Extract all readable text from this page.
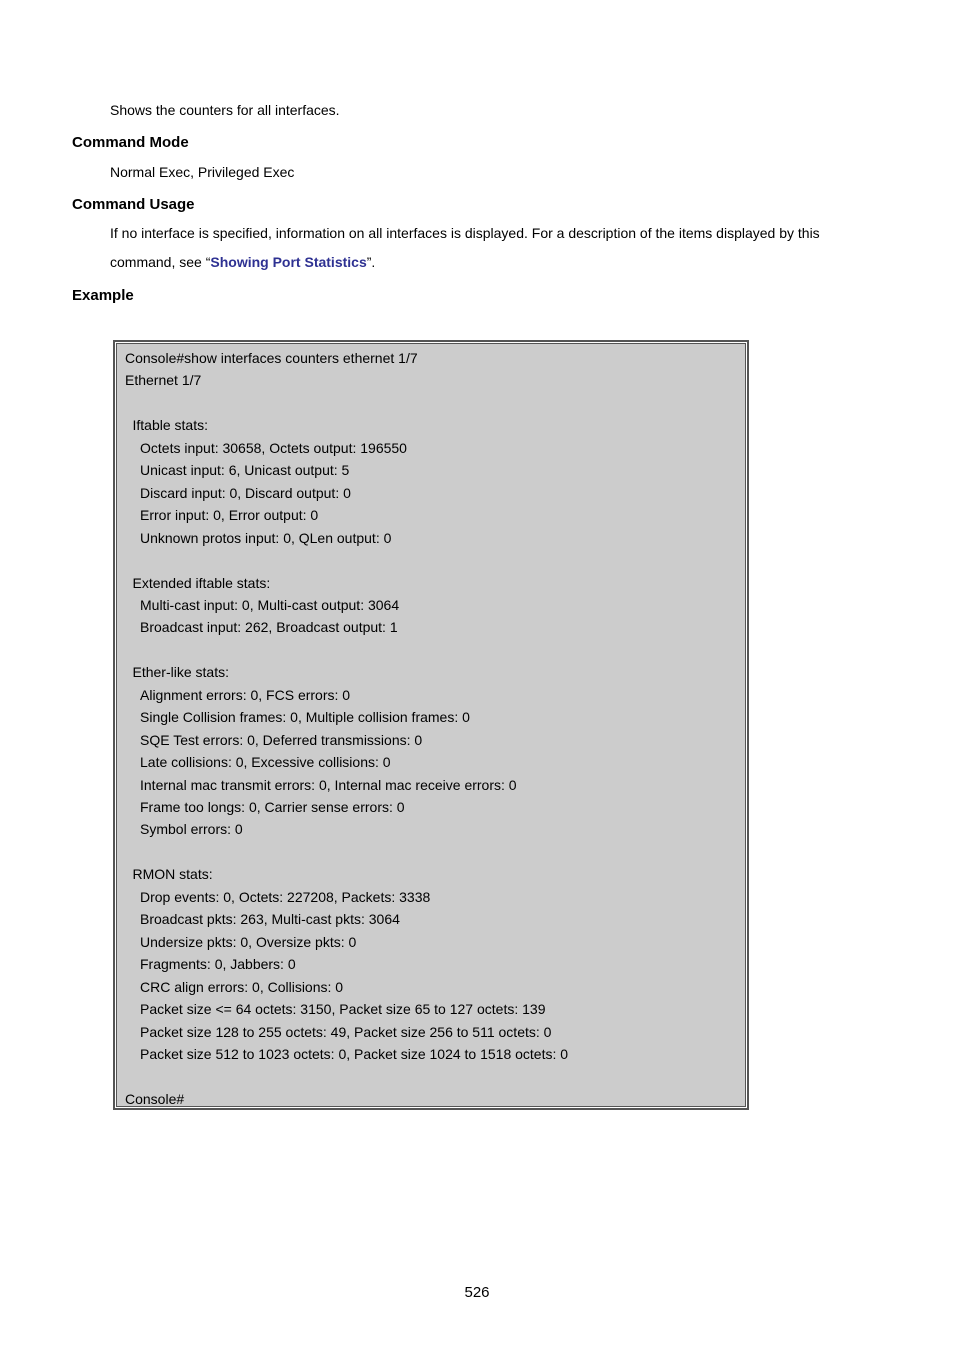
Shows the counters for all interfaces.
Command Mode
Normal Exec, Privileged Exec
Command Usage
If no interface is specified, information on all interfaces is displayed. For a description of the items displayed by this
command, see “Showing Port Statistics”.
Example
Console#show interfaces counters ethernet 1/7
Ethernet 1/7
Iftable stats:
Octets input: 30658, Octets output: 196550
Unicast input: 6, Unicast output: 5
Discard input: 0, Discard output: 0
Error input: 0, Error output: 0
Unknown protos input: 0, QLen output: 0
Extended iftable stats:
Multi-cast input: 0, Multi-cast output: 3064
Broadcast input: 262, Broadcast output: 1
Ether-like stats:
Alignment errors: 0, FCS errors: 0
Single Collision frames: 0, Multiple collision frames: 0
SQE Test errors: 0, Deferred transmissions: 0
Late collisions: 0, Excessive collisions: 0
Internal mac transmit errors: 0, Internal mac receive errors: 0
Frame too longs: 0, Carrier sense errors: 0
Symbol errors: 0
RMON stats:
Drop events: 0, Octets: 227208, Packets: 3338
Broadcast pkts: 263, Multi-cast pkts: 3064
Undersize pkts: 0, Oversize pkts: 0
Fragments: 0, Jabbers: 0
CRC align errors: 0, Collisions: 0
Packet size <= 64 octets: 3150, Packet size 65 to 127 octets: 139
Packet size 128 to 255 octets: 49, Packet size 256 to 511 octets: 0
Packet size 512 to 1023 octets: 0, Packet size 1024 to 1518 octets: 0
Console#
526
